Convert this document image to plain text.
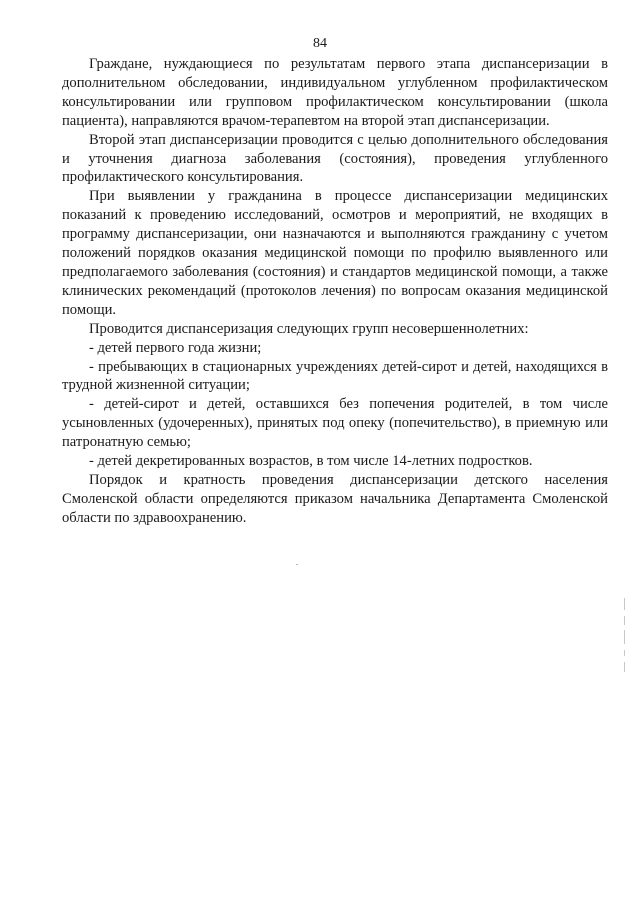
84

Граждане, нуждающиеся по результатам первого этапа диспансеризации в дополнительном обследовании, индивидуальном углубленном профилактическом консультировании или групповом профилактическом консультировании (школа пациента), направляются врачом-терапевтом на второй этап диспансеризации.

Второй этап диспансеризации проводится с целью дополнительного обследования и уточнения диагноза заболевания (состояния), проведения углубленного профилактического консультирования.

При выявлении у гражданина в процессе диспансеризации медицинских показаний к проведению исследований, осмотров и мероприятий, не входящих в программу диспансеризации, они назначаются и выполняются гражданину с учетом положений порядков оказания медицинской помощи по профилю выявленного или предполагаемого заболевания (состояния) и стандартов медицинской помощи, а также клинических рекомендаций (протоколов лечения) по вопросам оказания медицинской помощи.

Проводится диспансеризация следующих групп несовершеннолетних:

- детей первого года жизни;

- пребывающих в стационарных учреждениях детей-сирот и детей, находящихся в трудной жизненной ситуации;

- детей-сирот и детей, оставшихся без попечения родителей, в том числе усыновленных (удочеренных), принятых под опеку (попечительство), в приемную или патронатную семью;

- детей декретированных возрастов, в том числе 14-летних подростков.

Порядок и кратность проведения диспансеризации детского населения Смоленской области определяются приказом начальника Департамента Смоленской области по здравоохранению.
